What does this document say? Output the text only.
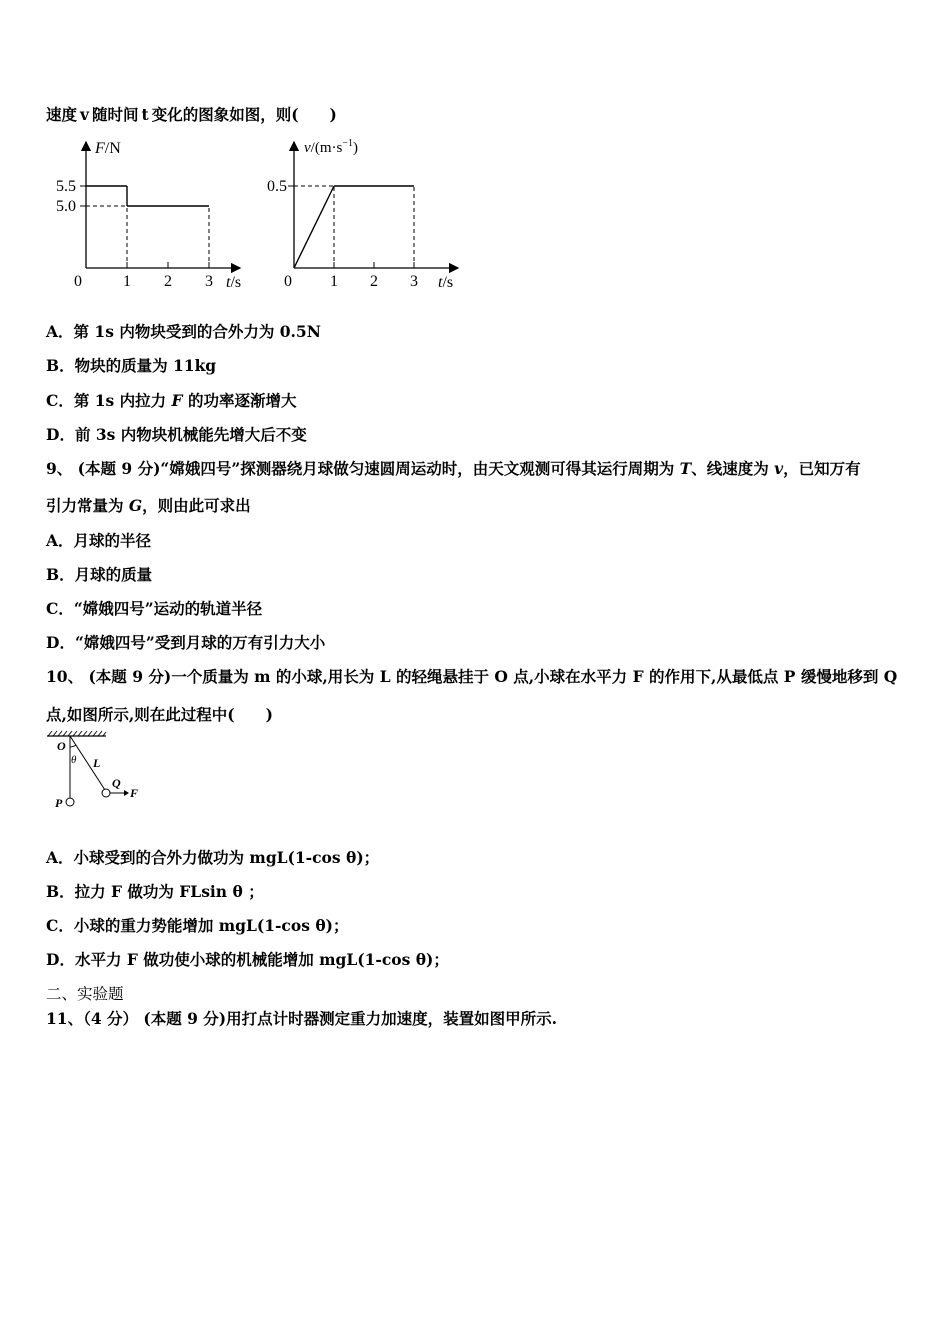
速度 v 随时间 t 变化的图象如图，则(　　)
5.5
5.0
0	1 2 3
F/N
t/s
0.5
0 1 2 3
$v/(m\cdot s^{-1})$
t/s
A．第 1s 内物块受到的合外力为 0.5N
B．物块的质量为 11kg
C．第 1s 内拉力 F 的功率逐渐增大
D．前 3s 内物块机械能先增大后不变
9、 (本题 9 分)“嫦娥四号”探测器绕月球做匀速圆周运动时，由天文观测可得其运行周期为 T、线速度为 v，已知万有
引力常量为 G，则由此可求出
A．月球的半径
B．月球的质量
C．“嫦娥四号”运动的轨道半径
D．“嫦娥四号”受到月球的万有引力大小
10、 (本题 9 分)一个质量为 m 的小球,用长为 L 的轻绳悬挂于 O 点,小球在水平力 F 的作用下,从最低点 P 缓慢地移到 Q
点,如图所示,则在此过程中(　　)
O
θ L
Q
F
P
A．小球受到的合外力做功为 mgL(1-cos θ)；
B．拉力 F 做功为 FLsin θ ；
C．小球的重力势能增加 mgL(1-cos θ)；
D．水平力 F 做功使小球的机械能增加 mgL(1-cos θ)；
二、实验题
11、（4 分） (本题 9 分)用打点计时器测定重力加速度，装置如图甲所示.
